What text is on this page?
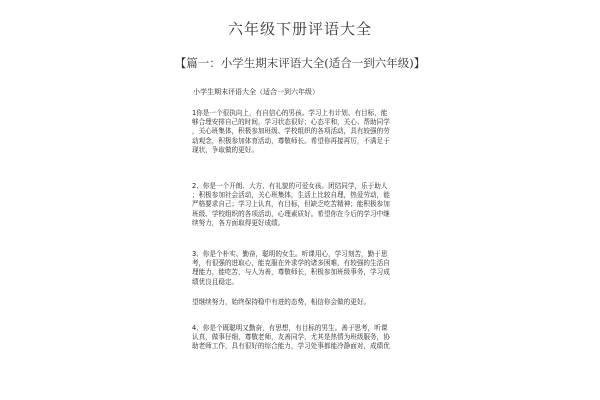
六年级下册评语大全
【篇一：小学生期末评语大全(适合一到六年级)】
小学生期末评语大全（适合一到六年级）
1你是一个很执向上，有自信心的男孩。学习上有计划、有目标，能
够合理安排自己的时间，学习状态很好；心态平和，关心、帮助同学
，关心班集体，积极参加班级、学校组织的各项活动，具有较强的劳
动观念，积极参加体育活动，尊敬师长。希望你再接再厉，不满足于
现状，争取做的更好。
2、你是一个开朗、大方、有礼貌的可爱女孩。团结同学，乐于助人
；积极参加社会活动，关心班集体，生活上比较自理，热爱劳动，能
严格要求自己；学习上认真，有目标，但缺乏吃苦精神；能积极参加
班级、学校组织的各项活动，心理素质好。希望你在今后的学习中继
续努力，各方面取得更好成绩。
3、你是个朴实、勤奋，聪明的女生。听课用心，学习刻苦，勤于思
考，有很强的进取心，能克服在外求学的诸多困难，有较强的生活自
理能力，能吃苦，与人为善，尊敬师长，积极参加班级事务，学习成
绩优良且稳定。
望继续努力，始终保持稳中有进的态势，相信你会做的更好。
4、你是个既聪明又勤奋，有思想，有目标的男生。善于思考，听课
认真，做事仔细，尊敬老师，友善同学，尤其是热情为班级服务，协
助老师工作，具有很好的综合能力，学习处事都能冷静面对，成绩优
